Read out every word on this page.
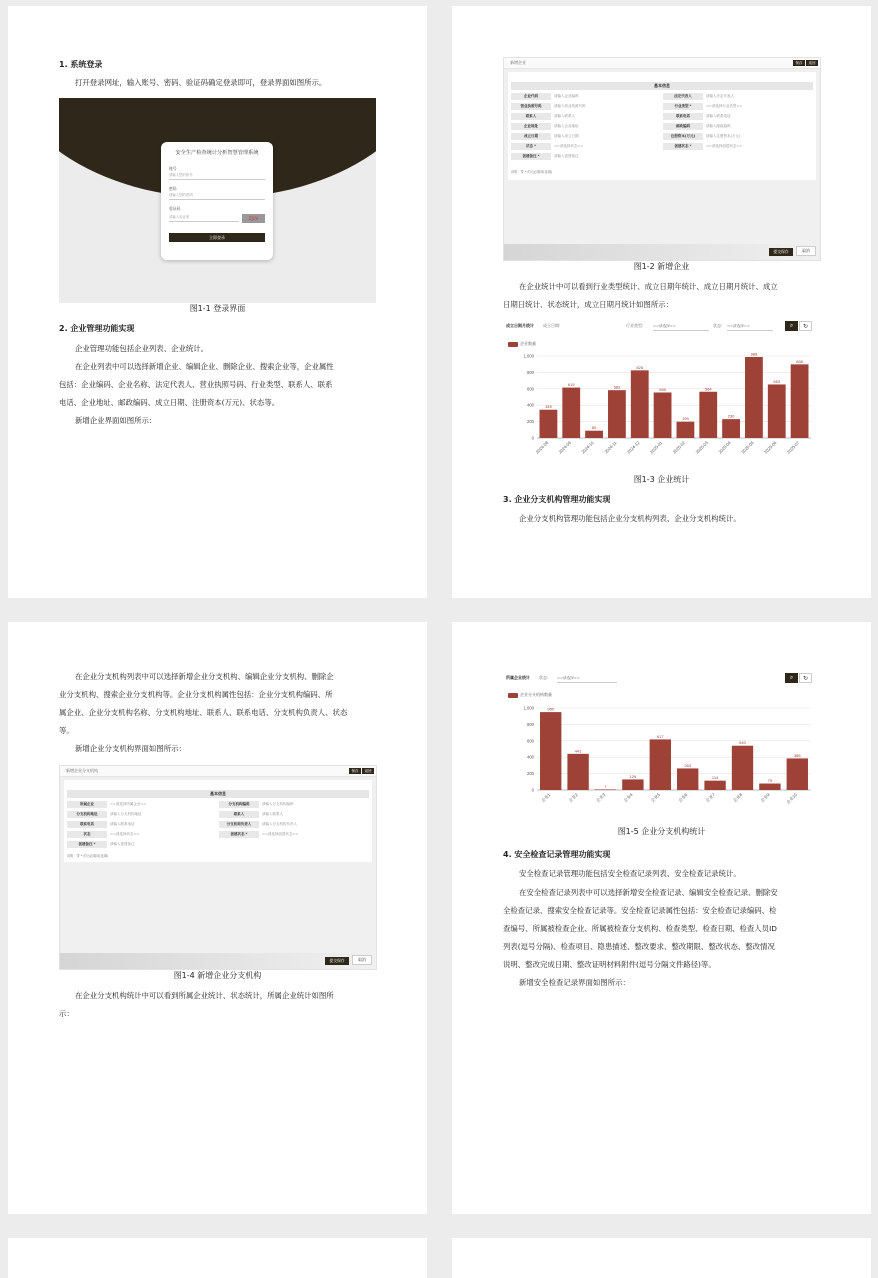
1. 系统登录
打开登录网址，输入账号、密码、验证码确定登录即可，登录界面如图所示。
安全生产检查统计分析智慧管理系统
账号
请输入您的账号
密码
请输入您的密码
验证码
请输入验证码	ZJUV
立即登录
图1-1 登录界面
2. 企业管理功能实现
企业管理功能包括企业列表、企业统计。
在企业列表中可以选择新增企业、编辑企业、删除企业、搜索企业等，企业属性
包括：企业编码、企业名称、法定代表人、营业执照号码、行业类型、联系人、联系
电话、企业地址、邮政编码、成立日期、注册资本(万元)、状态等。
新增企业界面如图所示：
新增企业	保存	返回
基本信息
企业代码	请输入企业编码	法定代表人	请输入法定代表人
营业执照号码	请输入营业执照号码	行业类型 *	==请选择行业类型==
联系人	请输入联系人	联系电话	请输入联系电话
企业地址	请输入企业地址	邮政编码	请输入邮政编码
成立日期	请输入成立日期	注册资本(万元)	请输入注册资本(万元)
状态 *	==请选择状态==	创建状态 *	==请选择创建状态==
创建备注 *	请输入创建备注
说明：带 * 的为必填项(选填)
提交保存	取消
图1-2 新增企业
在企业统计中可以看到行业类型统计、成立日期年统计、成立日期月统计、成立
日期日统计、状态统计，成立日期月统计如图所示：
成立日期月统计 成立日期:	行业类型:	==请选择==	状态: ==请选择==	⌕	↻
企业数量
0
200
400
600
800
1,000
345
2024-08
615
2024-09
89
2024-10
583
2024-11
825
2024-12
555
2025-01
199
2025-02
564
2025-03
230
2025-04
988
2025-05
653
2025-06
898
2025-07
图1-3 企业统计
3. 企业分支机构管理功能实现
企业分支机构管理功能包括企业分支机构列表、企业分支机构统计。
在企业分支机构列表中可以选择新增企业分支机构、编辑企业分支机构、删除企
业分支机构、搜索企业分支机构等。企业分支机构属性包括：企业分支机构编码、所
属企业、企业分支机构名称、分支机构地址、联系人、联系电话、分支机构负责人、状态
等。
新增企业分支机构界面如图所示：
新增企业分支机构	保存	返回
基本信息
所属企业	==请选择所属企业==	分支机构编码	请输入分支机构编码
分支机构地址	请输入分支机构地址	联系人	请输入联系人
联系电话	请输入联系电话	分支机构负责人	请输入分支机构负责人
状态	==请选择状态==	创建状态 *	==请选择创建状态==
创建备注 *	请输入创建备注
说明：带 * 的为必填项(选填)
提交保存	取消
图1-4 新增企业分支机构
在企业分支机构统计中可以看到所属企业统计、状态统计，所属企业统计如图所
示：
所属企业统计 状态: ==请选择==	⌕	↻
企业分支机构数量
0
200
400
600
800
1,000	950
企业1
441
企业2
7
企业3
129
企业4
617
企业5
263
企业6
114
企业7
540
企业8
79
企业9
385
企业10
图1-5 企业分支机构统计
4. 安全检查记录管理功能实现
安全检查记录管理功能包括安全检查记录列表、安全检查记录统计。
在安全检查记录列表中可以选择新增安全检查记录、编辑安全检查记录、删除安
全检查记录、搜索安全检查记录等。安全检查记录属性包括：安全检查记录编码、检
查编号、所属被检查企业、所属被检查分支机构、检查类型、检查日期、检查人员ID
列表(逗号分隔)、检查项目、隐患描述、整改要求、整改期限、整改状态、整改情况
说明、整改完成日期、整改证明材料附件(逗号分隔文件路径)等。
新增安全检查记录界面如图所示：
